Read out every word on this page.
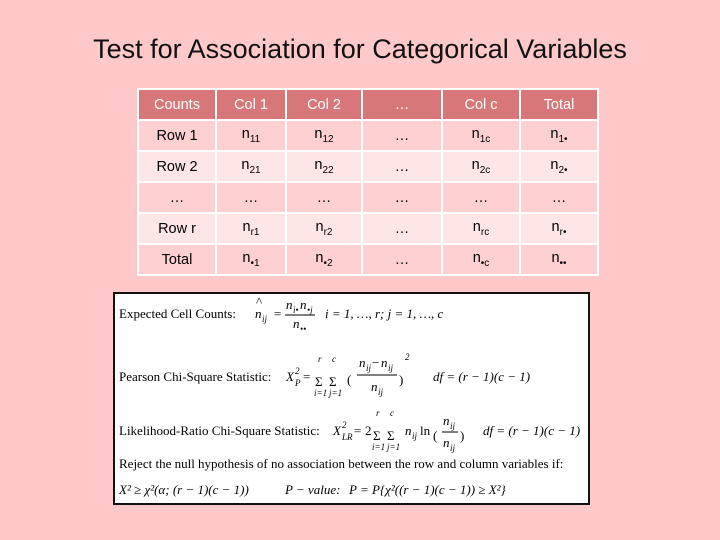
Test for Association for Categorical Variables
Counts	Col 1	Col 2	…	Col c	Total
Row 1	$n_{11}$	$n_{12}$	…	$n_{1c}$	$n_{1•}$
Row 2	$n_{21}$	$n_{22}$	…	$n_{2c}$	$n_{2•}$
…	…	…	…	…	…
Row r	$n_{r1}$	$n_{r2}$	…	$n_{rc}$	$n_{r•}$
Total	$n_{•1}$	$n_{•2}$	…	$n_{•c}$	$n_{••}$
Expected Cell Counts: n ij
^
=
n i• n •j
n ••
i = 1, …, r; j = 1, …, c
Pearson Chi-Square Statistic: X 2
P = Σ Σ
r c
i=1 j=1
(
n ij − n ij
n ij
)
2
df = (r − 1)(c − 1)
Likelihood-Ratio Chi-Square Statistic: X 2
LR = 2 Σ Σ
r c
i=1 j=1
n ij ln (
n ij
n ij
) df = (r − 1)(c − 1)
Reject the null hypothesis of no association between the row and column variables if:
X² ≥ χ²(α; (r − 1)(c − 1))	P − value: P = P{χ²((r − 1)(c − 1)) ≥ X²}
